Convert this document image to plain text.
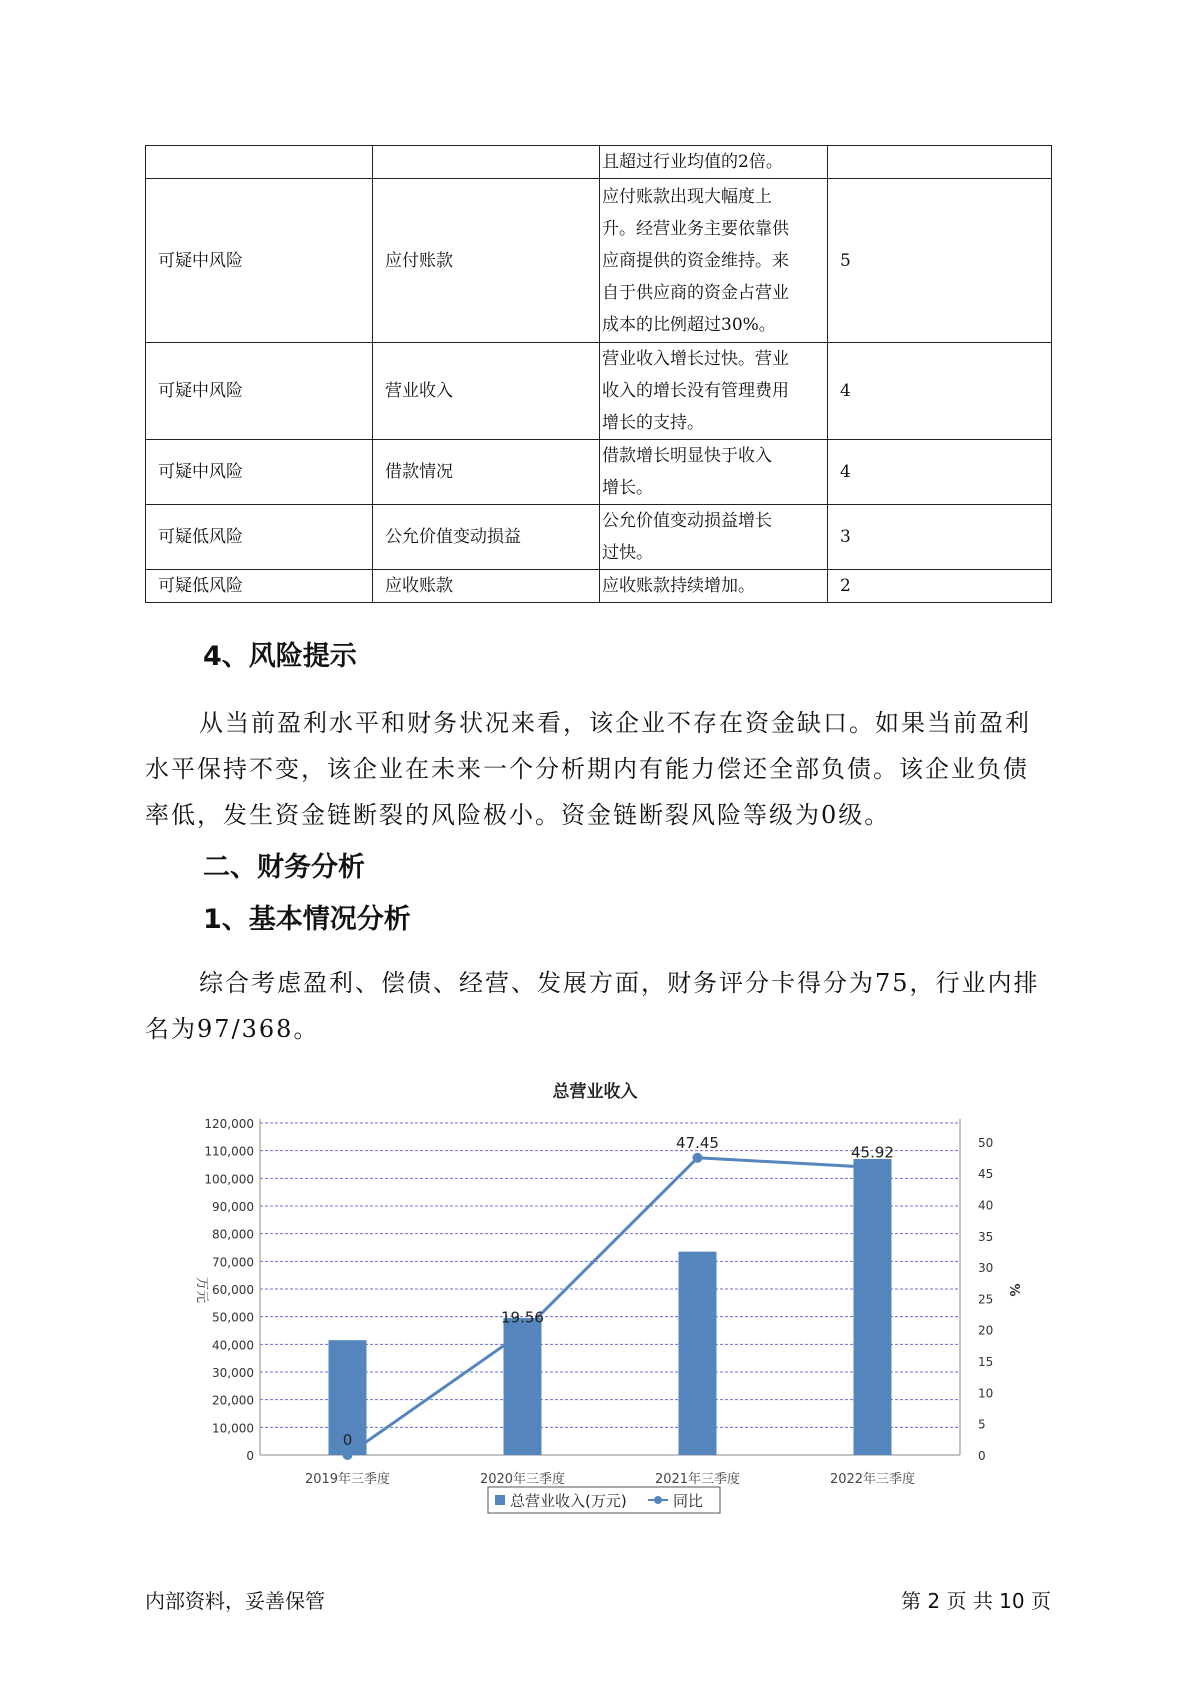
		且超过行业均值的2倍。	
可疑中风险	应付账款	应付账款出现大幅度上
升。经营业务主要依靠供
应商提供的资金维持。来
自于供应商的资金占营业
成本的比例超过30%。	5
可疑中风险	营业收入	营业收入增长过快。营业
收入的增长没有管理费用
增长的支持。	4
可疑中风险	借款情况	借款增长明显快于收入
增长。	4
可疑低风险	公允价值变动损益	公允价值变动损益增长
过快。	3
可疑低风险	应收账款	应收账款持续增加。	2
4、风险提示

从当前盈利水平和财务状况来看，该企业不存在资金缺口。如果当前盈利水平保持不变，该企业在未来一个分析期内有能力偿还全部负债。该企业负债率低，发生资金链断裂的风险极小。资金链断裂风险等级为0级。

二、财务分析
1、基本情况分析

综合考虑盈利、偿债、经营、发展方面，财务评分卡得分为75，行业内排名为97/368。

总营业收入
0
10,000
20,000
30,000
40,000
50,000
60,000
70,000
80,000
90,000
100,000
110,000
120,000
0
5
10
15
20
25
30
35
40
45
50
0
19.56
47.45
45.92
2019年三季度	2020年三季度	2021年三季度	2022年三季度
万元	%
总营业收入(万元)	同比
内部资料，妥善保管	第 2 页 共 10 页
